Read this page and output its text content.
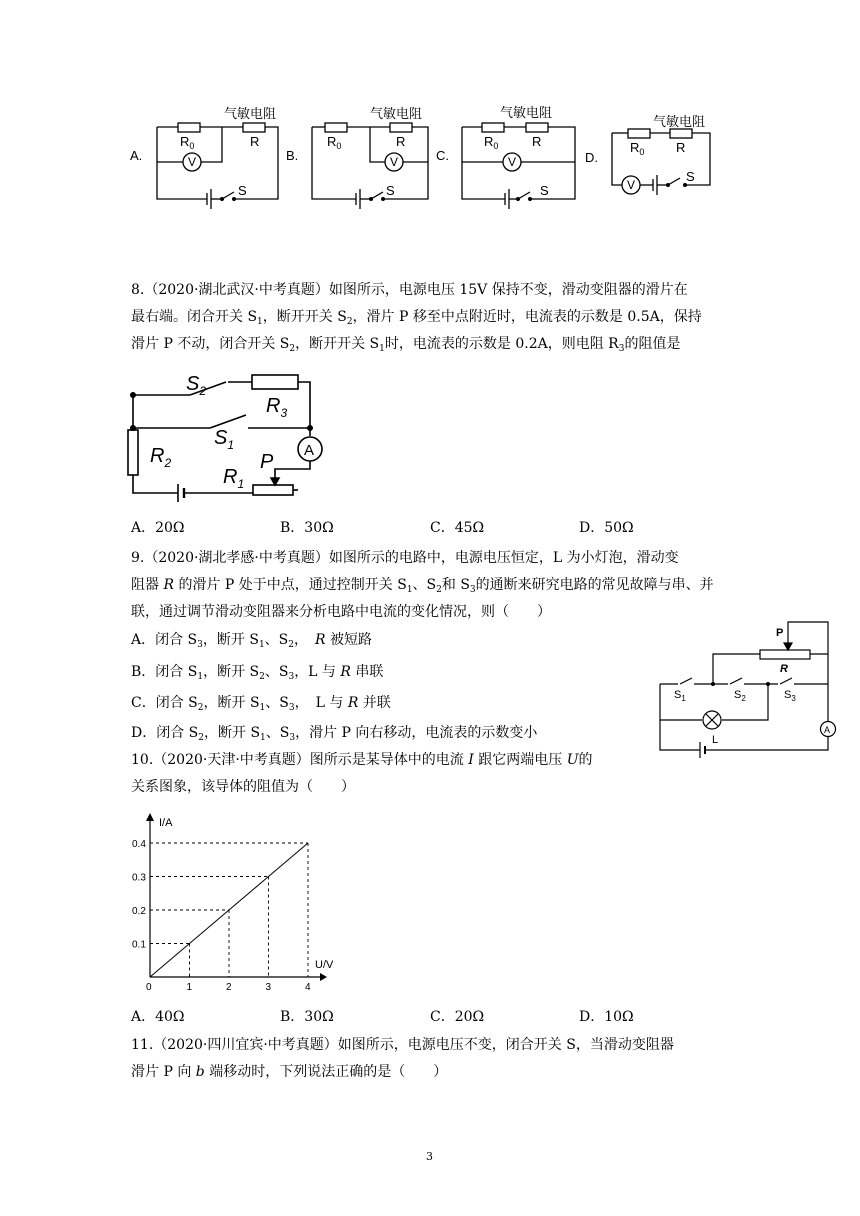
A.
气敏电阻
$R_0$	R
V
S
B.
气敏电阻
$R_0$	R
V
S
C.
气敏电阻
$R_0$	R
V
S
D.
气敏电阻
$R_0$ R
V
S
8.（2020·湖北武汉·中考真题）如图所示，电源电压 15V 保持不变，滑动变阻器的滑片在
最右端。闭合开关 $S_1$，断开开关 $S_2$，滑片 P 移至中点附近时，电流表的示数是 0.5A，保持
滑片 P 不动，闭合开关 $S_2$，断开开关 $S_1$时，电流表的示数是 0.2A，则电阻 $R_3$的阻值是
$S_2$
$R_3$
$S_1$
$R_2$
$R_1$
P
A
A．20Ω	B．30Ω	C．45Ω	D．50Ω
9.（2020·湖北孝感·中考真题）如图所示的电路中，电源电压恒定，L 为小灯泡，滑动变
阻器 R 的滑片 P 处于中点，通过控制开关 $S_1$、$S_2$和 $S_3$的通断来研究电路的常见故障与串、并
联，通过调节滑动变阻器来分析电路中电流的变化情况，则（　　）
A．闭合 $S_3$，断开 $S_1$、$S_2$，　R 被短路
B．闭合 $S_1$，断开 $S_2$、$S_3$，L 与 R 串联
C．闭合 $S_2$，断开 $S_1$、$S_3$，　L 与 R 并联
D．闭合 $S_2$，断开 $S_1$、$S_3$，滑片 P 向右移动，电流表的示数变小
P
R
$S_1$	$S_2$	$S_3$
L
A
10.（2020·天津·中考真题）图所示是某导体中的电流 I 跟它两端电压 U的
关系图象，该导体的阻值为（　　）
1
0.1
2
0.2
3
0.3
4
0.4
0
I/A
U/V
A．40Ω	B．30Ω	C．20Ω	D．10Ω
11.（2020·四川宜宾·中考真题）如图所示，电源电压不变，闭合开关 S，当滑动变阻器
滑片 P 向 b 端移动时，下列说法正确的是（　　）
3
